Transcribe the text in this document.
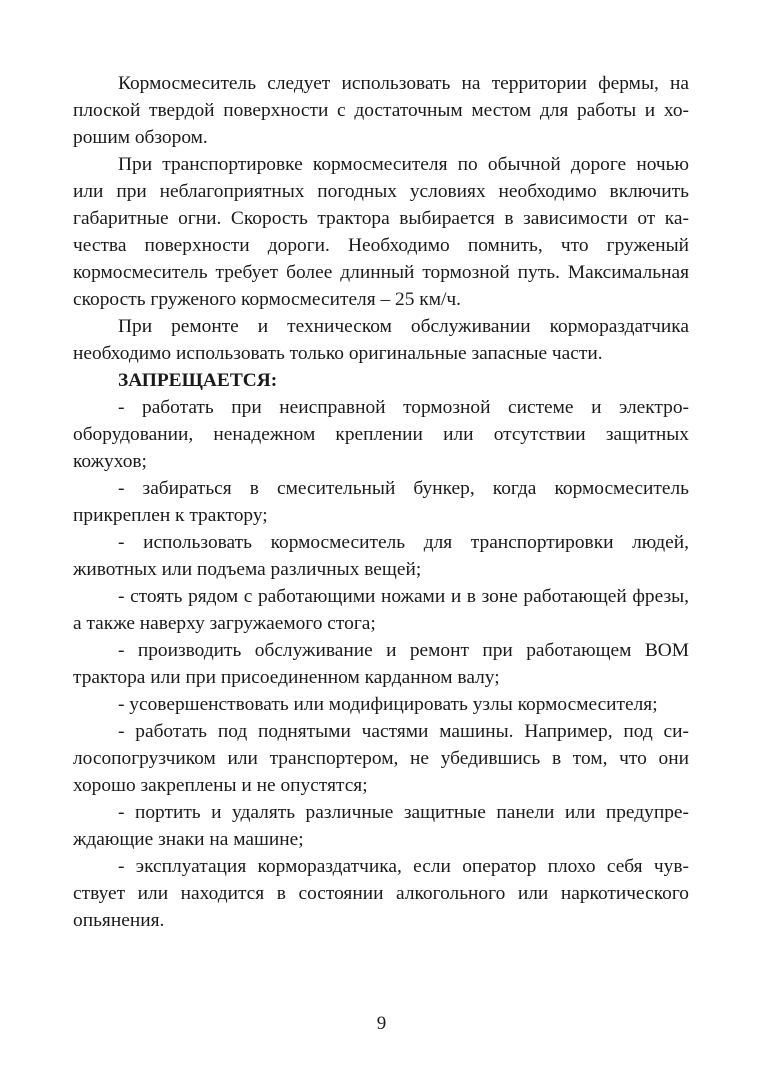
Кормосмеситель следует использовать на территории фермы, на плоской твердой поверхности с достаточным местом для работы и хорошим обзором.

При транспортировке кормосмесителя по обычной дороге ночью или при неблагоприятных погодных условиях необходимо включить габаритные огни. Скорость трактора выбирается в зависимости от качества поверхности дороги. Необходимо помнить, что груженый кормосмеситель требует более длинный тормозной путь. Максимальная скорость груженого кормосмесителя – 25 км/ч.

При ремонте и техническом обслуживании кормораздатчика необходимо использовать только оригинальные запасные части.

ЗАПРЕЩАЕТСЯ:

- работать при неисправной тормозной системе и электрооборудовании, ненадежном креплении или отсутствии защитных кожухов;

- забираться в смесительный бункер, когда кормосмеситель прикреплен к трактору;

- использовать кормосмеситель для транспортировки людей, животных или подъема различных вещей;

- стоять рядом с работающими ножами и в зоне работающей фрезы, а также наверху загружаемого стога;

- производить обслуживание и ремонт при работающем ВОМ трактора или при присоединенном карданном валу;

- усовершенствовать или модифицировать узлы кормосмесителя;

- работать под поднятыми частями машины. Например, под силосопогрузчиком или транспортером, не убедившись в том, что они хорошо закреплены и не опустятся;

- портить и удалять различные защитные панели или предупреждающие знаки на машине;

- эксплуатация кормораздатчика, если оператор плохо себя чувствует или находится в состоянии алкогольного или наркотического опьянения.

9
